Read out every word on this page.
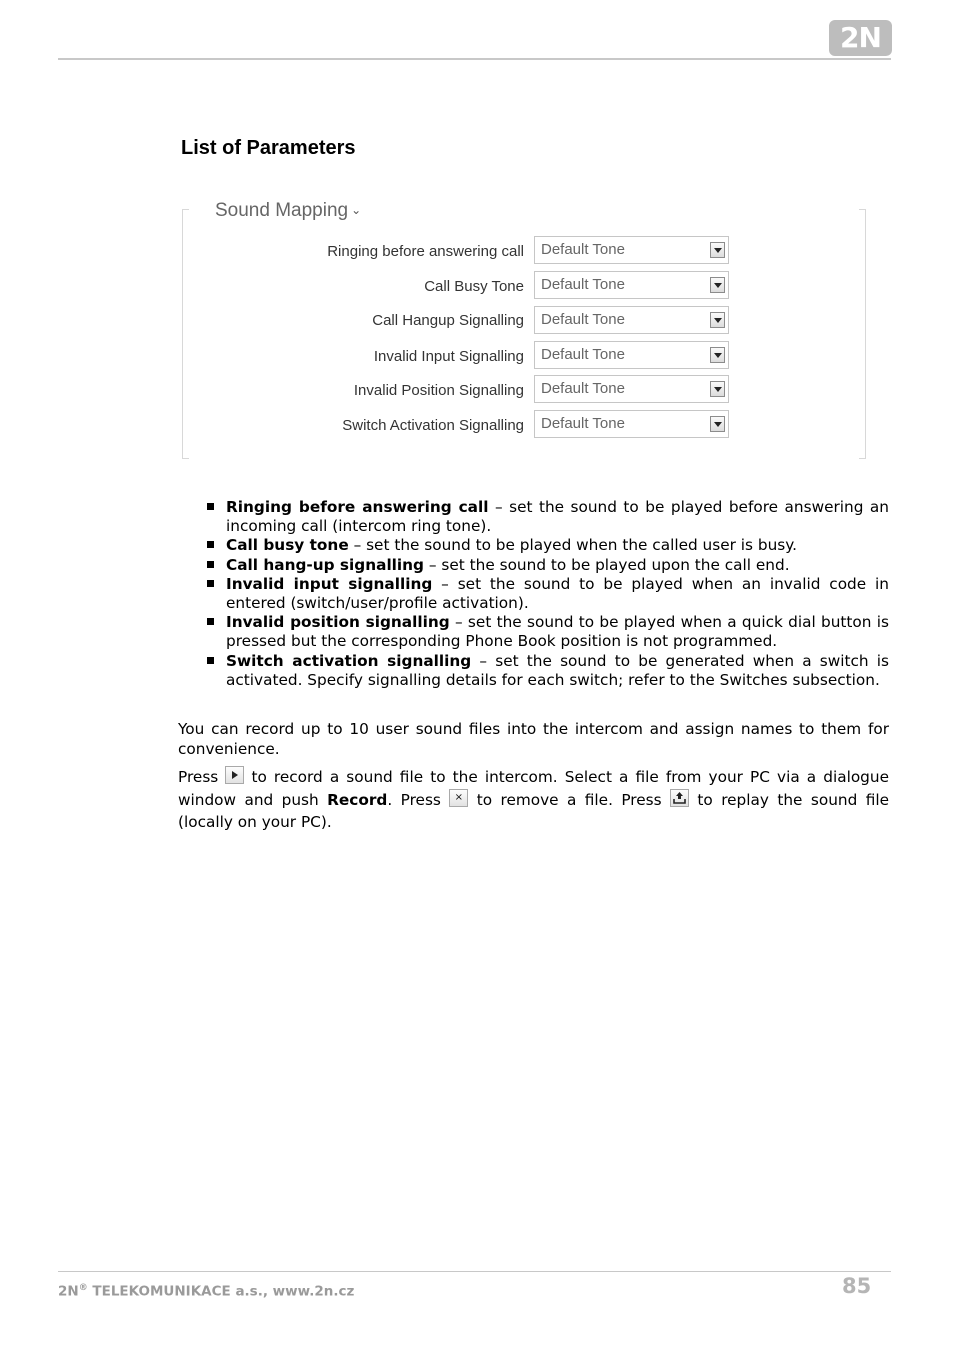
2N
List of Parameters
Sound Mapping ⌄
Ringing before answering call Default Tone
Call Busy Tone Default Tone
Call Hangup Signalling Default Tone
Invalid Input Signalling Default Tone
Invalid Position Signalling Default Tone
Switch Activation Signalling Default Tone
Ringing before answering call – set the sound to be played before answering an incoming call (intercom ring tone).
Call busy tone – set the sound to be played when the called user is busy.
Call hang-up signalling – set the sound to be played upon the call end.
Invalid input signalling – set the sound to be played when an invalid code in entered (switch/user/profile activation).
Invalid position signalling – set the sound to be played when a quick dial button is pressed but the corresponding Phone Book position is not programmed.
Switch activation signalling – set the sound to be generated when a switch is activated. Specify signalling details for each switch; refer to the Switches subsection.
You can record up to 10 user sound files into the intercom and assign names to them for convenience.
Press  to record a sound file to the intercom. Select a file from your PC via a dialogue window and push Record. Press × to remove a file. Press  to replay the sound file (locally on your PC).
2N® TELEKOMUNIKACE a.s., www.2n.cz	85
